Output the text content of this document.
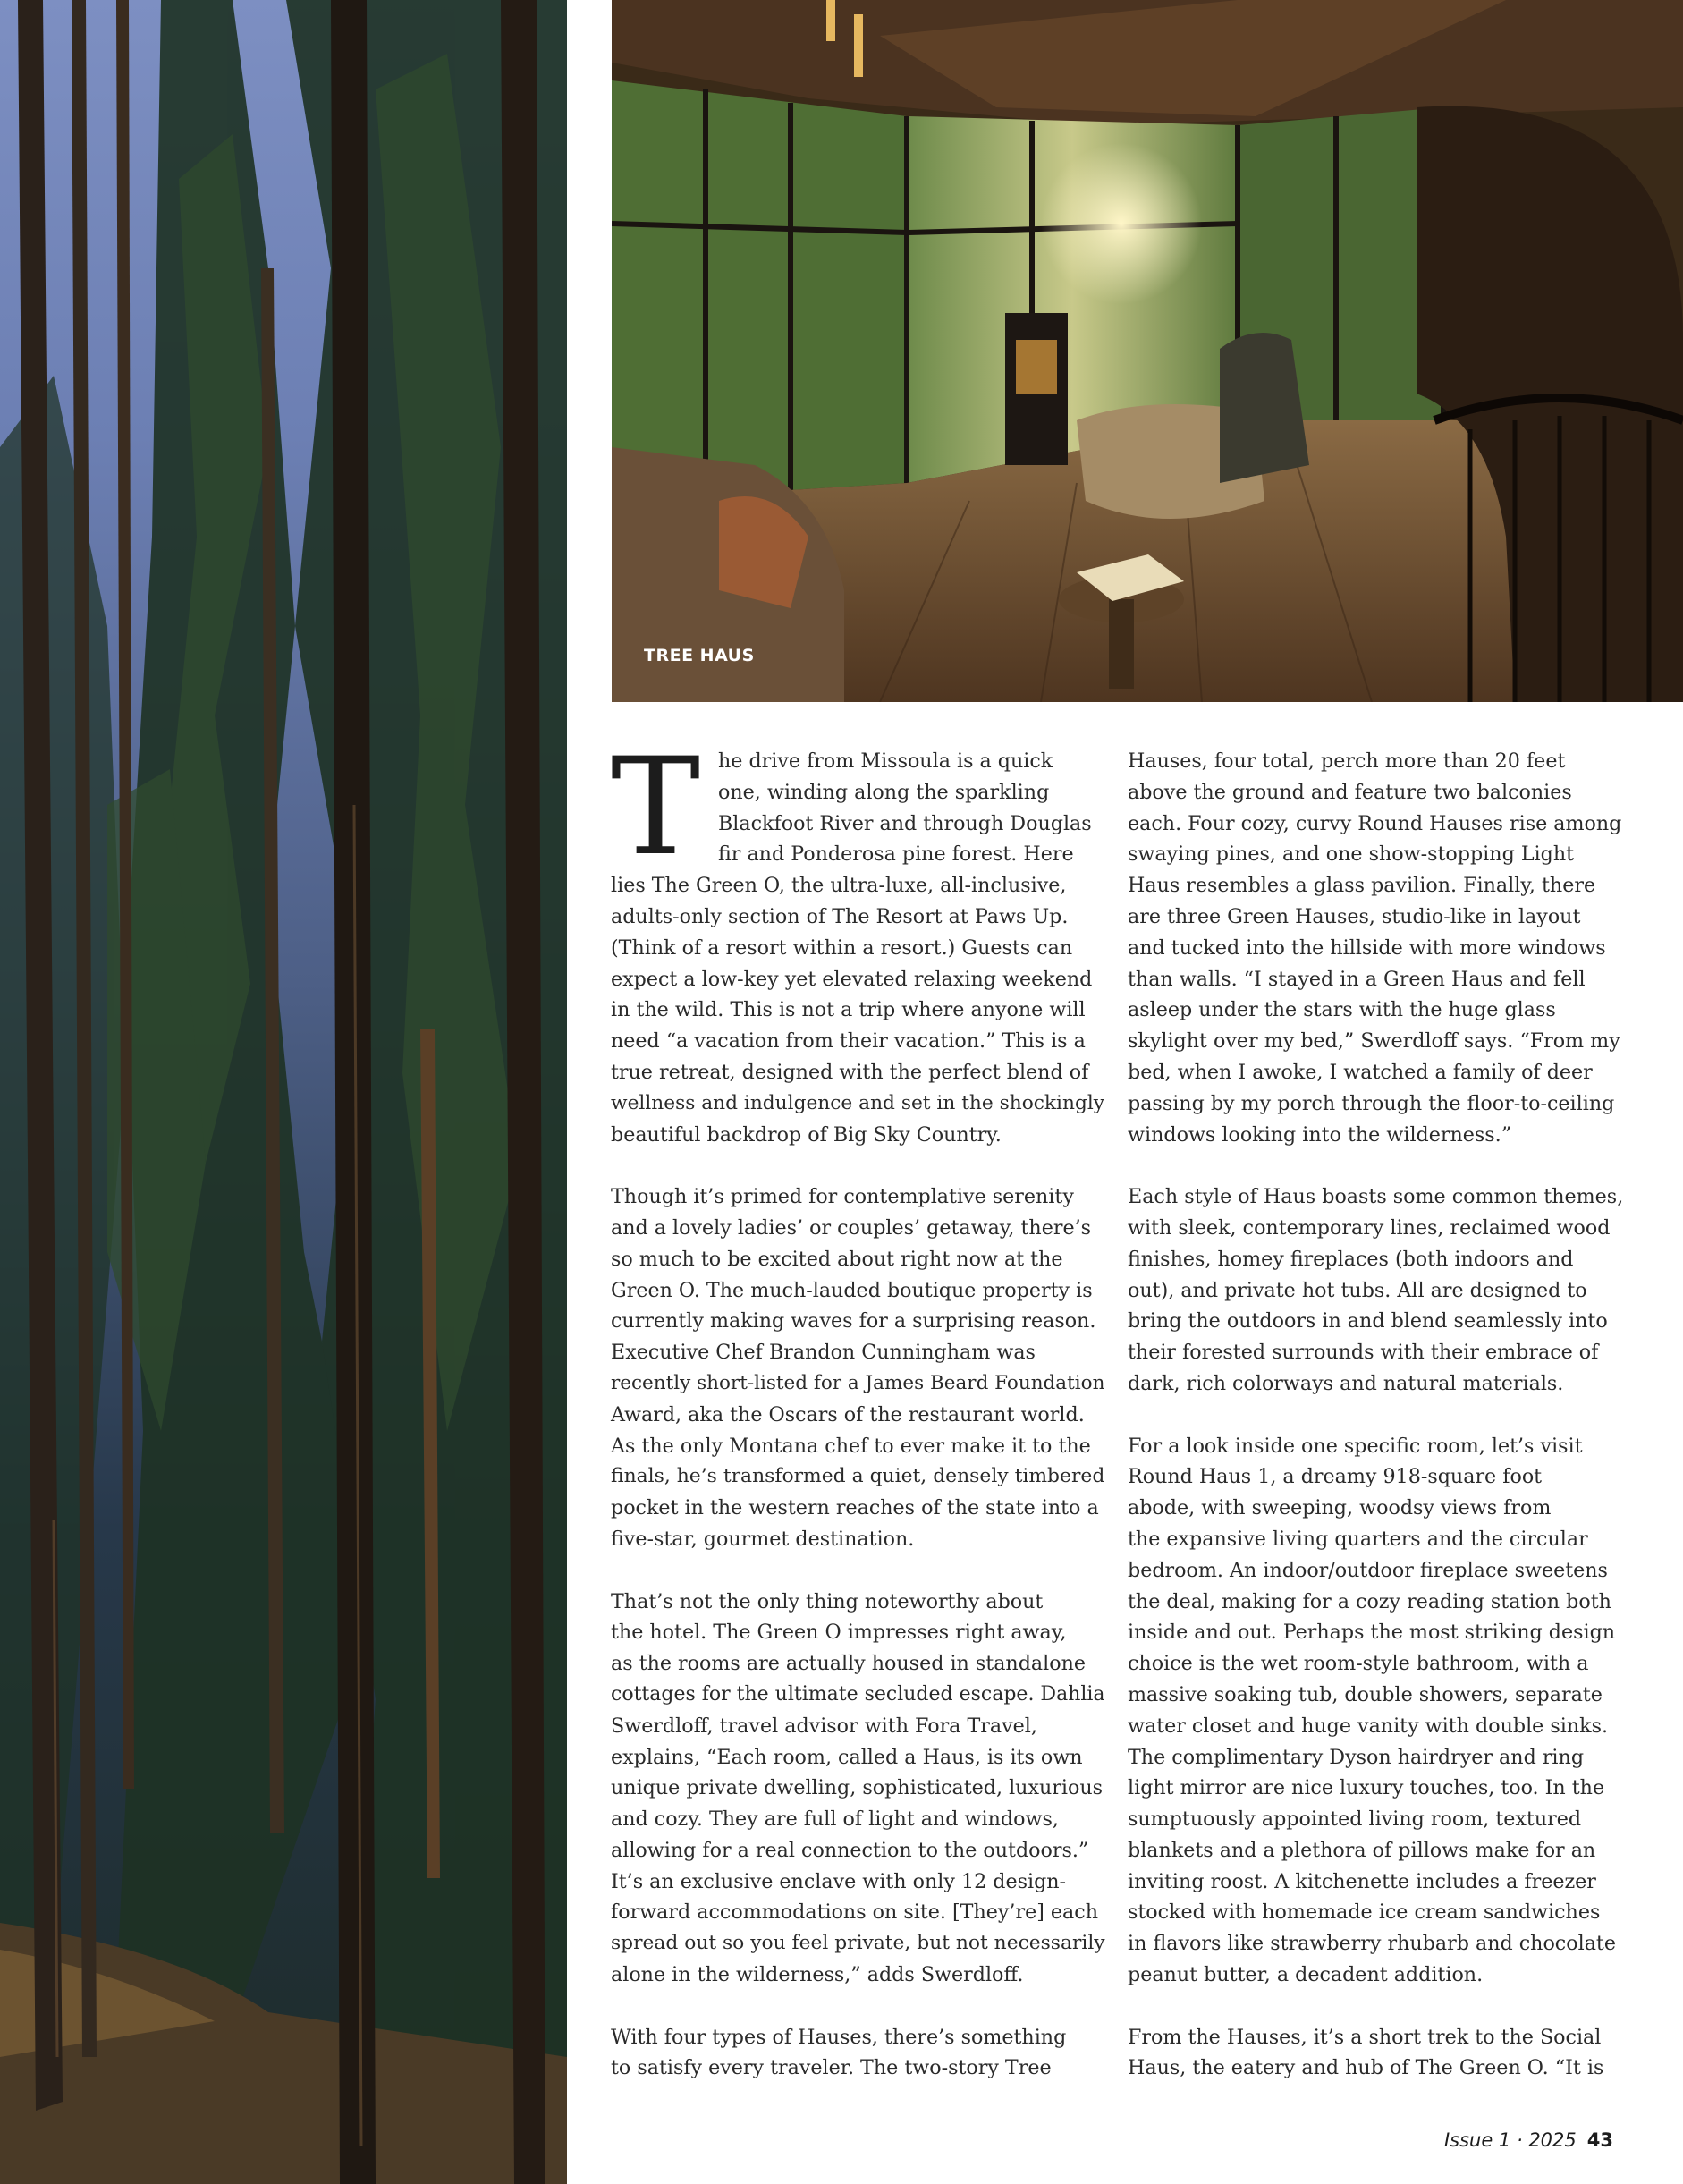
TREE HAUS
T he drive from Missoula is a quick
one, winding along the sparkling
Blackfoot River and through Douglas
fir and Ponderosa pine forest. Here
lies The Green O, the ultra-luxe, all-inclusive,
adults-only section of The Resort at Paws Up.
(Think of a resort within a resort.) Guests can
expect a low-key yet elevated relaxing weekend
in the wild. This is not a trip where anyone will
need “a vacation from their vacation.” This is a
true retreat, designed with the perfect blend of
wellness and indulgence and set in the shockingly
beautiful backdrop of Big Sky Country.
Though it’s primed for contemplative serenity
and a lovely ladies’ or couples’ getaway, there’s
so much to be excited about right now at the
Green O. The much-lauded boutique property is
currently making waves for a surprising reason.
Executive Chef Brandon Cunningham was
recently short-listed for a James Beard Foundation
Award, aka the Oscars of the restaurant world.
As the only Montana chef to ever make it to the
finals, he’s transformed a quiet, densely timbered
pocket in the western reaches of the state into a
five-star, gourmet destination.
That’s not the only thing noteworthy about
the hotel. The Green O impresses right away,
as the rooms are actually housed in standalone
cottages for the ultimate secluded escape. Dahlia
Swerdloff, travel advisor with Fora Travel,
explains, “Each room, called a Haus, is its own
unique private dwelling, sophisticated, luxurious
and cozy. They are full of light and windows,
allowing for a real connection to the outdoors.”
It’s an exclusive enclave with only 12 design-
forward accommodations on site. [They’re] each
spread out so you feel private, but not necessarily
alone in the wilderness,” adds Swerdloff.
With four types of Hauses, there’s something
to satisfy every traveler. The two-story Tree
Hauses, four total, perch more than 20 feet
above the ground and feature two balconies
each. Four cozy, curvy Round Hauses rise among
swaying pines, and one show-stopping Light
Haus resembles a glass pavilion. Finally, there
are three Green Hauses, studio-like in layout
and tucked into the hillside with more windows
than walls. “I stayed in a Green Haus and fell
asleep under the stars with the huge glass
skylight over my bed,” Swerdloff says. “From my
bed, when I awoke, I watched a family of deer
passing by my porch through the floor-to-ceiling
windows looking into the wilderness.”
Each style of Haus boasts some common themes,
with sleek, contemporary lines, reclaimed wood
finishes, homey fireplaces (both indoors and
out), and private hot tubs. All are designed to
bring the outdoors in and blend seamlessly into
their forested surrounds with their embrace of
dark, rich colorways and natural materials.
For a look inside one specific room, let’s visit
Round Haus 1, a dreamy 918-square foot
abode, with sweeping, woodsy views from
the expansive living quarters and the circular
bedroom. An indoor/outdoor fireplace sweetens
the deal, making for a cozy reading station both
inside and out. Perhaps the most striking design
choice is the wet room-style bathroom, with a
massive soaking tub, double showers, separate
water closet and huge vanity with double sinks.
The complimentary Dyson hairdryer and ring
light mirror are nice luxury touches, too. In the
sumptuously appointed living room, textured
blankets and a plethora of pillows make for an
inviting roost. A kitchenette includes a freezer
stocked with homemade ice cream sandwiches
in flavors like strawberry rhubarb and chocolate
peanut butter, a decadent addition.
From the Hauses, it’s a short trek to the Social
Haus, the eatery and hub of The Green O. “It is
Issue 1 · 2025 43
